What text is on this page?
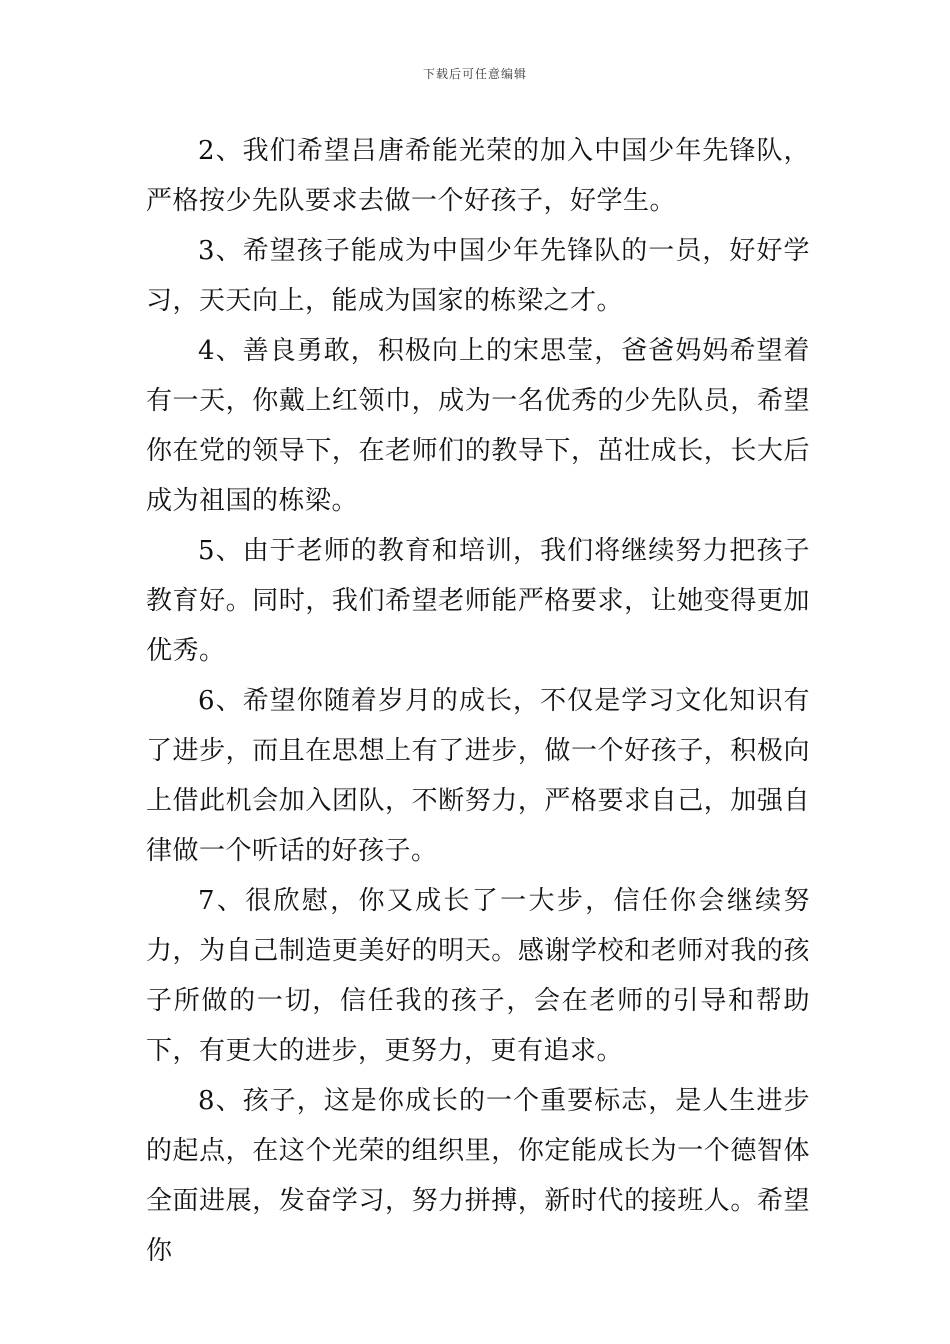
下载后可任意编辑

2、我们希望吕唐希能光荣的加入中国少年先锋队，严格按少先队要求去做一个好孩子，好学生。

3、希望孩子能成为中国少年先锋队的一员，好好学习，天天向上，能成为国家的栋梁之才。

4、善良勇敢，积极向上的宋思莹，爸爸妈妈希望着有一天，你戴上红领巾，成为一名优秀的少先队员，希望你在党的领导下，在老师们的教导下，茁壮成长，长大后成为祖国的栋梁。

5、由于老师的教育和培训，我们将继续努力把孩子教育好。同时，我们希望老师能严格要求，让她变得更加优秀。

6、希望你随着岁月的成长，不仅是学习文化知识有了进步，而且在思想上有了进步，做一个好孩子，积极向上借此机会加入团队，不断努力，严格要求自己，加强自律做一个听话的好孩子。

7、很欣慰，你又成长了一大步，信任你会继续努力，为自己制造更美好的明天。感谢学校和老师对我的孩子所做的一切，信任我的孩子，会在老师的引导和帮助下，有更大的进步，更努力，更有追求。

8、孩子，这是你成长的一个重要标志，是人生进步的起点，在这个光荣的组织里，你定能成长为一个德智体全面进展，发奋学习，努力拼搏，新时代的接班人。希望你
